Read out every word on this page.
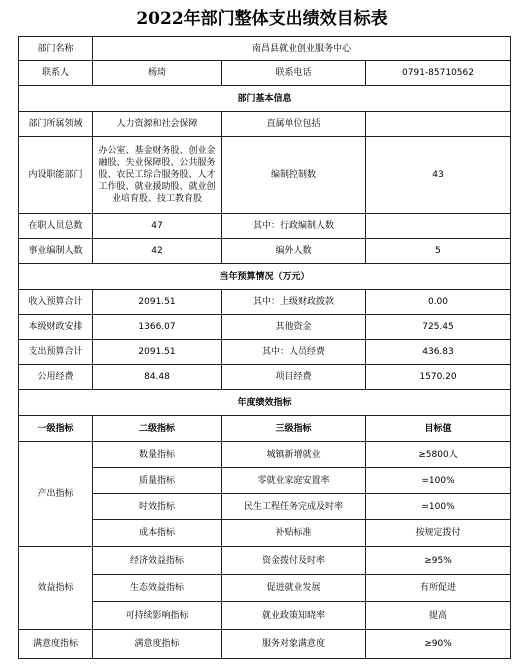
2022年部门整体支出绩效目标表
部门名称	南昌县就业创业服务中心		
联系人	杨琦	联系电话	0791-85710562
部门基本信息			
部门所属领域	人力资源和社会保障	直属单位包括	
内设职能部门	办公室、基金财务股、创业金融股、失业保障股、公共服务股、农民工综合服务股、人才工作股、就业援助股、就业创业培育股、技工教育股	编制控制数	43
在职人员总数	47	其中：行政编制人数	
事业编制人数	42	编外人数	5
当年预算情况（万元）			
收入预算合计	2091.51	其中：上级财政拨款	0.00
本级财政安排	1366.07	其他资金	725.45
支出预算合计	2091.51	其中：人员经费	436.83
公用经费	84.48	项目经费	1570.20
年度绩效指标			
一级指标	二级指标	三级指标	目标值
产出指标	数量指标	城镇新增就业	≥5800人
	质量指标	零就业家庭安置率	=100%
	时效指标	民生工程任务完成及时率	=100%
	成本指标	补贴标准	按规定拨付
效益指标	经济效益指标	资金拨付及时率	≥95%
	生态效益指标	促进就业发展	有所促进
	可持续影响指标	就业政策知晓率	提高
满意度指标	满意度指标	服务对象满意度	≥90%
